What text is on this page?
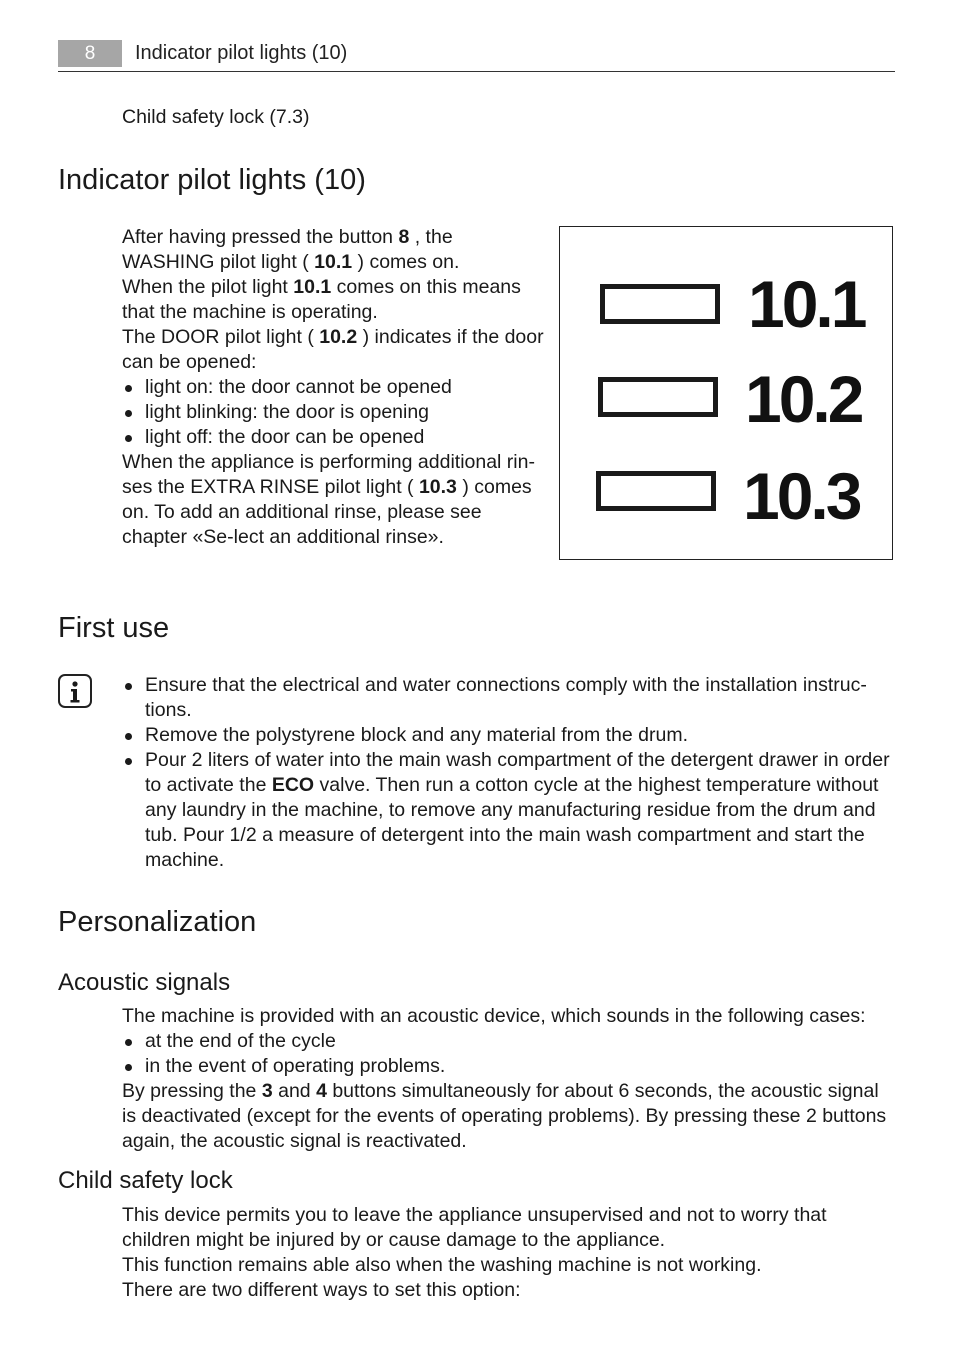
8	Indicator pilot lights (10)
Child safety lock (7.3)
Indicator pilot lights (10)
After having pressed the button 8 , the WASHING pilot light ( 10.1 ) comes on.
When the pilot light 10.1 comes on this means that the machine is operating.
The DOOR pilot light ( 10.2 ) indicates if the door can be opened:
light on: the door cannot be opened
light blinking: the door is opening
light off: the door can be opened
When the appliance is performing additional rin-ses the EXTRA RINSE pilot light ( 10.3 ) comes on. To add an additional rinse, please see chapter «Se-lect an additional rinse».
10.1
10.2
10.3
First use
Ensure that the electrical and water connections comply with the installation instruc-tions.
Remove the polystyrene block and any material from the drum.
Pour 2 liters of water into the main wash compartment of the detergent drawer in order to activate the ECO valve. Then run a cotton cycle at the highest temperature without any laundry in the machine, to remove any manufacturing residue from the drum and tub. Pour 1/2 a measure of detergent into the main wash compartment and start the machine.
Personalization
Acoustic signals
The machine is provided with an acoustic device, which sounds in the following cases:
at the end of the cycle
in the event of operating problems.
By pressing the 3 and 4 buttons simultaneously for about 6 seconds, the acoustic signal is deactivated (except for the events of operating problems). By pressing these 2 buttons again, the acoustic signal is reactivated.
Child safety lock
This device permits you to leave the appliance unsupervised and not to worry that children might be injured by or cause damage to the appliance.
This function remains able also when the washing machine is not working.
There are two different ways to set this option:
